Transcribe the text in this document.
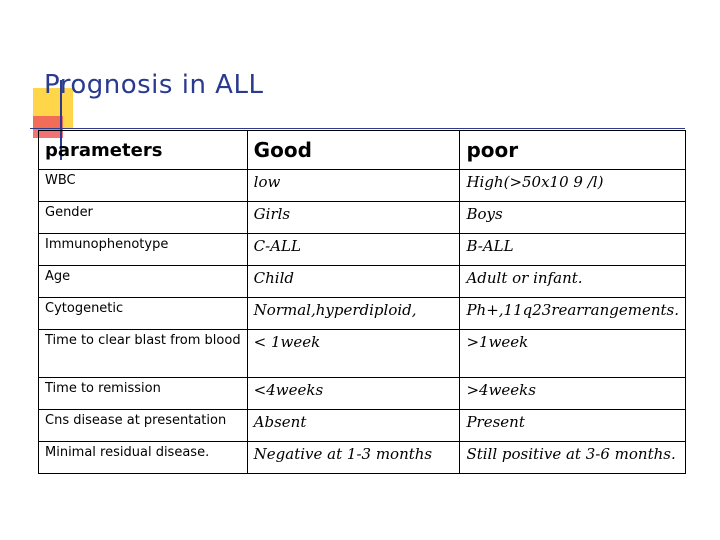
Prognosis in ALL
parameters	Good	poor
WBC	low	High(>50x10 9 /l)
Gender	Girls	Boys
Immunophenotype	C-ALL	B-ALL
Age	Child	Adult or infant.
Cytogenetic	Normal,hyperdiploid,	Ph+,11q23rearrangements.
Time to clear blast from blood	< 1week	>1week
Time to remission	<4weeks	>4weeks
Cns disease at presentation	Absent	Present
Minimal residual disease.	Negative at 1-3 months	Still positive at 3-6 months.
